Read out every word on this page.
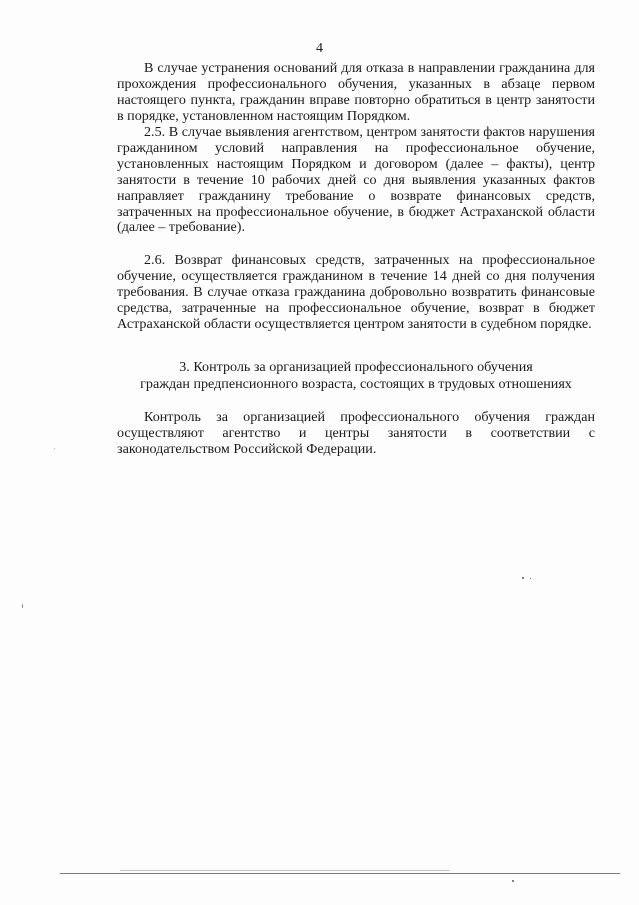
4

В случае устранения оснований для отказа в направлении гражданина для прохождения профессионального обучения, указанных в абзаце первом настоящего пункта, гражданин вправе повторно обратиться в центр занятости в порядке, установленном настоящим Порядком.

2.5. В случае выявления агентством, центром занятости фактов нарушения гражданином условий направления на профессиональное обучение, установленных настоящим Порядком и договором (далее – факты), центр занятости в течение 10 рабочих дней со дня выявления указанных фактов направляет гражданину требование о возврате финансовых средств, затраченных на профессиональное обучение, в бюджет Астраханской области (далее – требование).

2.6. Возврат финансовых средств, затраченных на профессиональное обучение, осуществляется гражданином в течение 14 дней со дня получения требования. В случае отказа гражданина добровольно возвратить финансовые средства, затраченные на профессиональное обучение, возврат в бюджет Астраханской области осуществляется центром занятости в судебном порядке.

3. Контроль за организацией профессионального обучения
граждан предпенсионного возраста, состоящих в трудовых отношениях

Контроль за организацией профессионального обучения граждан осуществляют агентство и центры занятости в соответствии с законодательством Российской Федерации.
